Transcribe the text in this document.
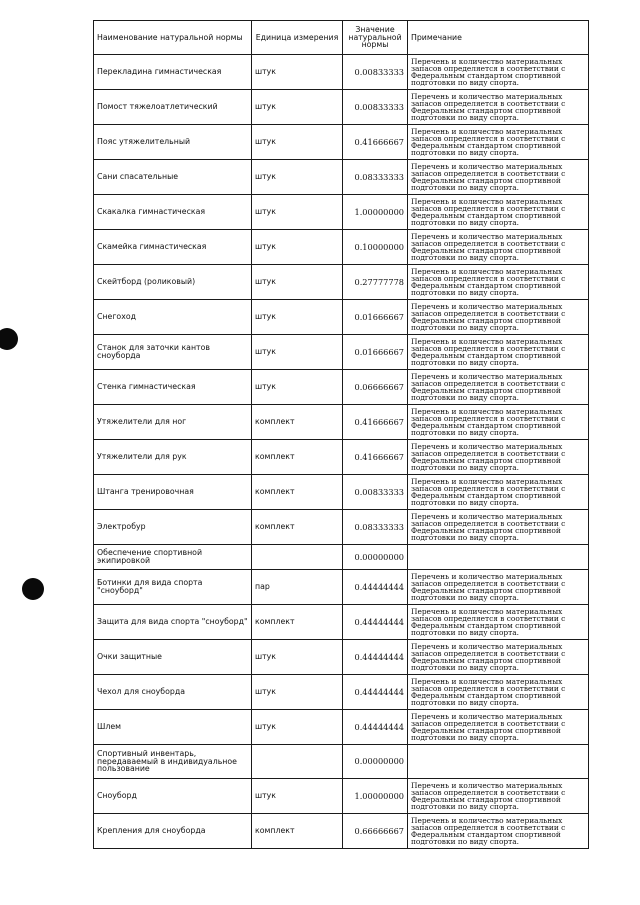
Наименование натуральной нормы	Единица измерения	Значение натуральной нормы	Примечание
Перекладина гимнастическая	штук	0.00833333	Перечень и количество материальных запасов определяется в соответствии с Федеральным стандартом спортивной подготовки по виду спорта.
Помост тяжелоатлетический	штук	0.00833333	Перечень и количество материальных запасов определяется в соответствии с Федеральным стандартом спортивной подготовки по виду спорта.
Пояс утяжелительный	штук	0.41666667	Перечень и количество материальных запасов определяется в соответствии с Федеральным стандартом спортивной подготовки по виду спорта.
Сани спасательные	штук	0.08333333	Перечень и количество материальных запасов определяется в соответствии с Федеральным стандартом спортивной подготовки по виду спорта.
Скакалка гимнастическая	штук	1.00000000	Перечень и количество материальных запасов определяется в соответствии с Федеральным стандартом спортивной подготовки по виду спорта.
Скамейка гимнастическая	штук	0.10000000	Перечень и количество материальных запасов определяется в соответствии с Федеральным стандартом спортивной подготовки по виду спорта.
Скейтборд (роликовый)	штук	0.27777778	Перечень и количество материальных запасов определяется в соответствии с Федеральным стандартом спортивной подготовки по виду спорта.
Снегоход	штук	0.01666667	Перечень и количество материальных запасов определяется в соответствии с Федеральным стандартом спортивной подготовки по виду спорта.
Станок для заточки кантов сноуборда	штук	0.01666667	Перечень и количество материальных запасов определяется в соответствии с Федеральным стандартом спортивной подготовки по виду спорта.
Стенка гимнастическая	штук	0.06666667	Перечень и количество материальных запасов определяется в соответствии с Федеральным стандартом спортивной подготовки по виду спорта.
Утяжелители для ног	комплект	0.41666667	Перечень и количество материальных запасов определяется в соответствии с Федеральным стандартом спортивной подготовки по виду спорта.
Утяжелители для рук	комплект	0.41666667	Перечень и количество материальных запасов определяется в соответствии с Федеральным стандартом спортивной подготовки по виду спорта.
Штанга тренировочная	комплект	0.00833333	Перечень и количество материальных запасов определяется в соответствии с Федеральным стандартом спортивной подготовки по виду спорта.
Электробур	комплект	0.08333333	Перечень и количество материальных запасов определяется в соответствии с Федеральным стандартом спортивной подготовки по виду спорта.
Обеспечение спортивной экипировкой		0.00000000	
Ботинки для вида спорта "сноуборд"	пар	0.44444444	Перечень и количество материальных запасов определяется в соответствии с Федеральным стандартом спортивной подготовки по виду спорта.
Защита для вида спорта "сноуборд"	комплект	0.44444444	Перечень и количество материальных запасов определяется в соответствии с Федеральным стандартом спортивной подготовки по виду спорта.
Очки защитные	штук	0.44444444	Перечень и количество материальных запасов определяется в соответствии с Федеральным стандартом спортивной подготовки по виду спорта.
Чехол для сноуборда	штук	0.44444444	Перечень и количество материальных запасов определяется в соответствии с Федеральным стандартом спортивной подготовки по виду спорта.
Шлем	штук	0.44444444	Перечень и количество материальных запасов определяется в соответствии с Федеральным стандартом спортивной подготовки по виду спорта.
Спортивный инвентарь, передаваемый в индивидуальное пользование		0.00000000	
Сноуборд	штук	1.00000000	Перечень и количество материальных запасов определяется в соответствии с Федеральным стандартом спортивной подготовки по виду спорта.
Крепления для сноуборда	комплект	0.66666667	Перечень и количество материальных запасов определяется в соответствии с Федеральным стандартом спортивной подготовки по виду спорта.
